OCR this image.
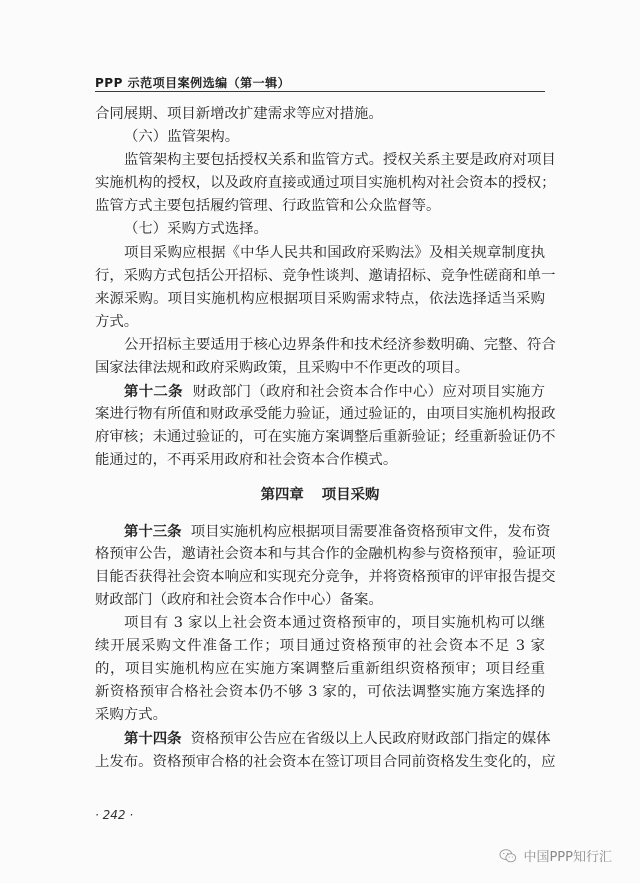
PPP 示范项目案例选编（第一辑）
合同展期、项目新增改扩建需求等应对措施。
（六）监管架构。
监管架构主要包括授权关系和监管方式。授权关系主要是政府对项目
实施机构的授权，以及政府直接或通过项目实施机构对社会资本的授权；
监管方式主要包括履约管理、行政监管和公众监督等。
（七）采购方式选择。
项目采购应根据《中华人民共和国政府采购法》及相关规章制度执
行，采购方式包括公开招标、竞争性谈判、邀请招标、竞争性磋商和单一
来源采购。项目实施机构应根据项目采购需求特点，依法选择适当采购
方式。
公开招标主要适用于核心边界条件和技术经济参数明确、完整、符合
国家法律法规和政府采购政策，且采购中不作更改的项目。
第十二条 财政部门（政府和社会资本合作中心）应对项目实施方
案进行物有所值和财政承受能力验证，通过验证的，由项目实施机构报政
府审核；未通过验证的，可在实施方案调整后重新验证；经重新验证仍不
能通过的，不再采用政府和社会资本合作模式。
第四章 项目采购
第十三条 项目实施机构应根据项目需要准备资格预审文件，发布资
格预审公告，邀请社会资本和与其合作的金融机构参与资格预审，验证项
目能否获得社会资本响应和实现充分竞争，并将资格预审的评审报告提交
财政部门（政府和社会资本合作中心）备案。
项目有 3 家以上社会资本通过资格预审的，项目实施机构可以继
续开展采购文件准备工作；项目通过资格预审的社会资本不足 3 家
的，项目实施机构应在实施方案调整后重新组织资格预审；项目经重
新资格预审合格社会资本仍不够 3 家的，可依法调整实施方案选择的
采购方式。
第十四条 资格预审公告应在省级以上人民政府财政部门指定的媒体
上发布。资格预审合格的社会资本在签订项目合同前资格发生变化的，应
· 242 ·
中国PPP知行汇
